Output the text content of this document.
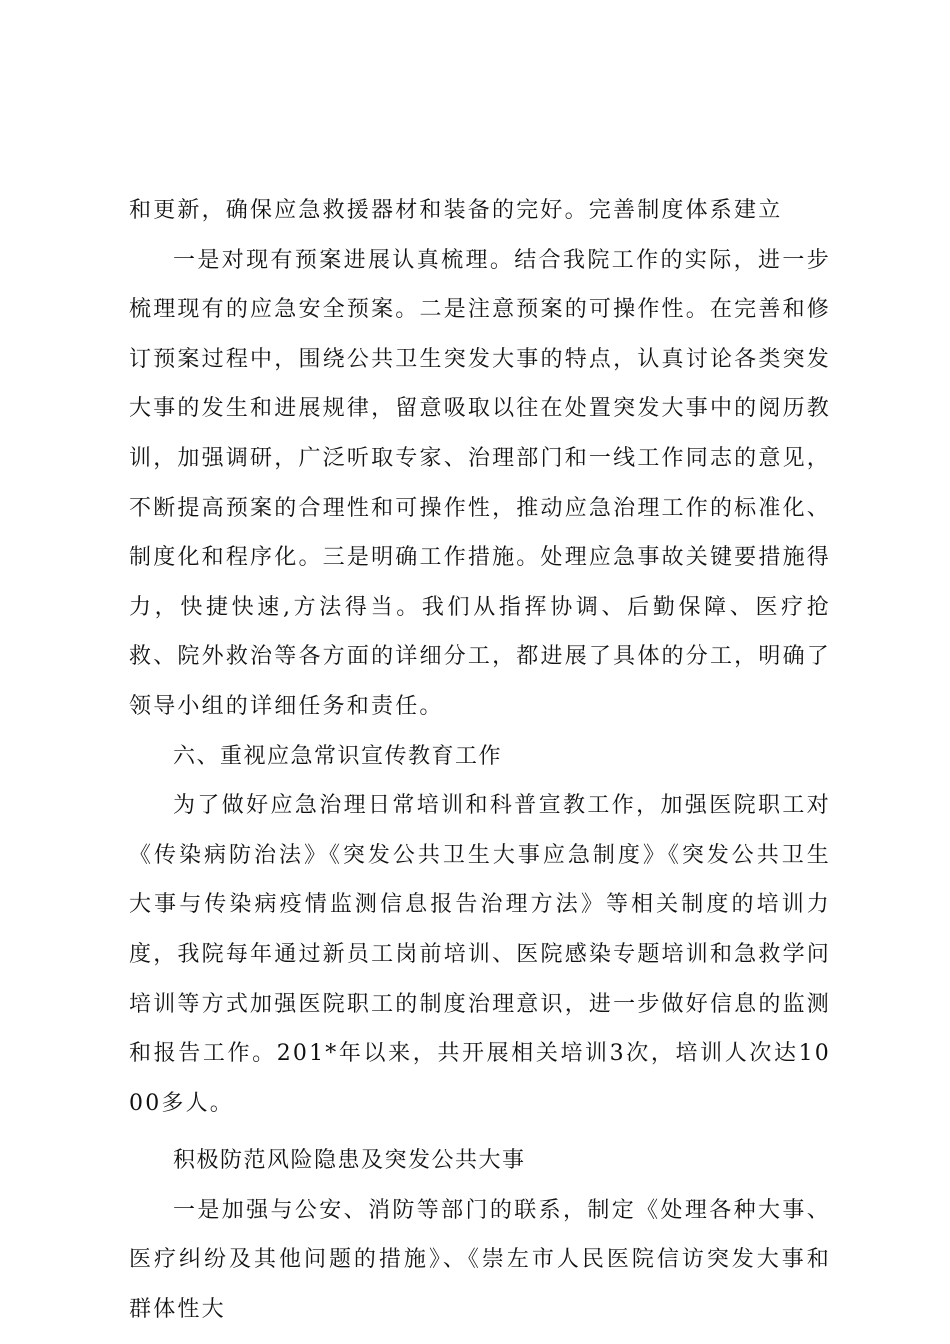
和更新，确保应急救援器材和装备的完好。完善制度体系建立

一是对现有预案进展认真梳理。结合我院工作的实际，进一步梳理现有的应急安全预案。二是注意预案的可操作性。在完善和修订预案过程中，围绕公共卫生突发大事的特点，认真讨论各类突发大事的发生和进展规律，留意吸取以往在处置突发大事中的阅历教训，加强调研，广泛听取专家、治理部门和一线工作同志的意见，不断提高预案的合理性和可操作性，推动应急治理工作的标准化、制度化和程序化。三是明确工作措施。处理应急事故关键要措施得力，快捷快速,方法得当。我们从指挥协调、后勤保障、医疗抢救、院外救治等各方面的详细分工，都进展了具体的分工，明确了领导小组的详细任务和责任。

六、重视应急常识宣传教育工作

为了做好应急治理日常培训和科普宣教工作，加强医院职工对《传染病防治法》《突发公共卫生大事应急制度》《突发公共卫生大事与传染病疫情监测信息报告治理方法》等相关制度的培训力度，我院每年通过新员工岗前培训、医院感染专题培训和急救学问培训等方式加强医院职工的制度治理意识，进一步做好信息的监测和报告工作。201*年以来，共开展相关培训3次，培训人次达1000多人。

积极防范风险隐患及突发公共大事

一是加强与公安、消防等部门的联系，制定《处理各种大事、医疗纠纷及其他问题的措施》、《崇左市人民医院信访突发大事和群体性大
